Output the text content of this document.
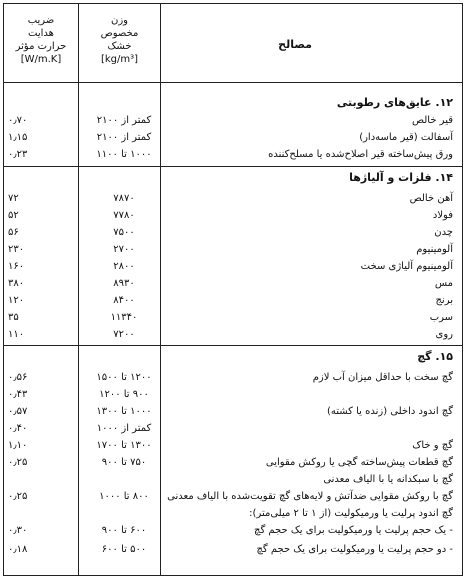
ضریب
هدایت
حرارت مؤثر
[W/m.K]
وزن
مخصوص
خشک
[kg/m³]
مصالح
۱۲. عایق‌های رطوبتی
قیر خالص
کمتر از ۲۱۰۰
۰٫۷۰
آسفالت (قیر ماسه‌دار)
کمتر از ۲۱۰۰
۱٫۱۵
ورق پیش‌ساخته قیر اصلاح‌شده یا مسلح‌کننده
۱۰۰۰ تا ۱۱۰۰
۰٫۲۳
۱۴. فلزات و آلیاژها
آهن خالص
۷۸۷۰
۷۲
فولاد
۷۷۸۰
۵۲
چدن
۷۵۰۰
۵۶
آلومینیوم
۲۷۰۰
۲۳۰
آلومینیوم آلیاژی سخت
۲۸۰۰
۱۶۰
مس
۸۹۳۰
۳۸۰
برنج
۸۴۰۰
۱۲۰
سرب
۱۱۳۴۰
۳۵
روی
۷۲۰۰
۱۱۰
۱۵. گچ
گچ سخت با حداقل میزان آب لازم
۱۲۰۰ تا ۱۵۰۰
۰٫۵۶
۹۰۰ تا ۱۲۰۰
۰٫۴۳
گچ اندود داخلی (زنده یا کشته)
۱۰۰۰ تا ۱۳۰۰
۰٫۵۷
کمتر از ۱۰۰۰
۰٫۴۰
گچ و خاک
۱۳۰۰ تا ۱۷۰۰
۱٫۱۰
گچ قطعات پیش‌ساخته گچی یا روکش مقوایی
۷۵۰ تا ۹۰۰
۰٫۲۵
گچ با سبکدانه یا با الیاف معدنی
گچ با روکش مقوایی ضدآتش و لایه‌های گچ تقویت‌شده با الیاف معدنی
۸۰۰ تا ۱۰۰۰
۰٫۲۵
گچ اندود پرلیت یا ورمیکولیت (از ۱ تا ۲ میلی‌متر):
- یک حجم پرلیت یا ورمیکولیت برای یک حجم گچ
۶۰۰ تا ۹۰۰
۰٫۳۰
- دو حجم پرلیت یا ورمیکولیت برای یک حجم گچ
۵۰۰ تا ۶۰۰
۰٫۱۸
